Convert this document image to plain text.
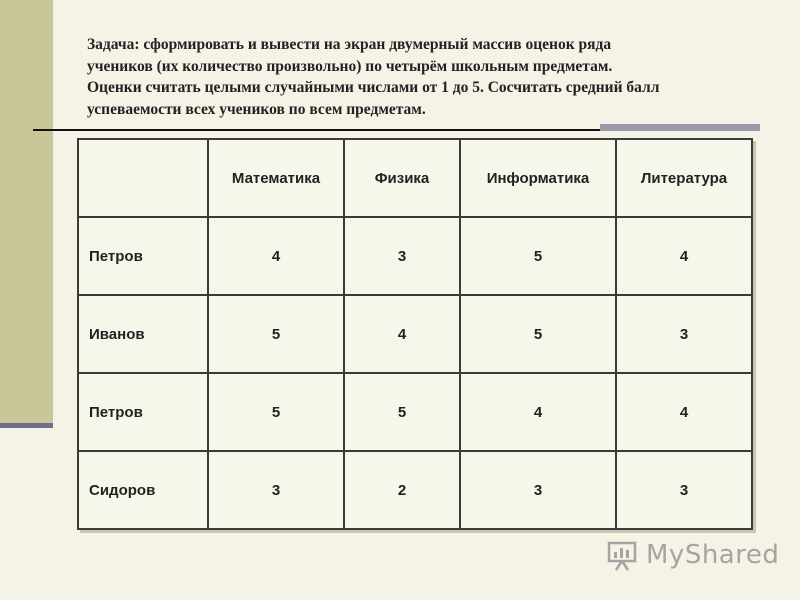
Задача: сформировать и вывести на экран двумерный массив оценок ряда
учеников (их количество произвольно) по четырём школьным предметам.
Оценки считать целыми случайными числами от 1 до 5. Сосчитать средний балл
успеваемости всех учеников по всем предметам.
	Математика	Физика	Информатика	Литература
Петров	4	3	5	4
Иванов	5	4	5	3
Петров	5	5	4	4
Сидоров	3	2	3	3
MyShared
